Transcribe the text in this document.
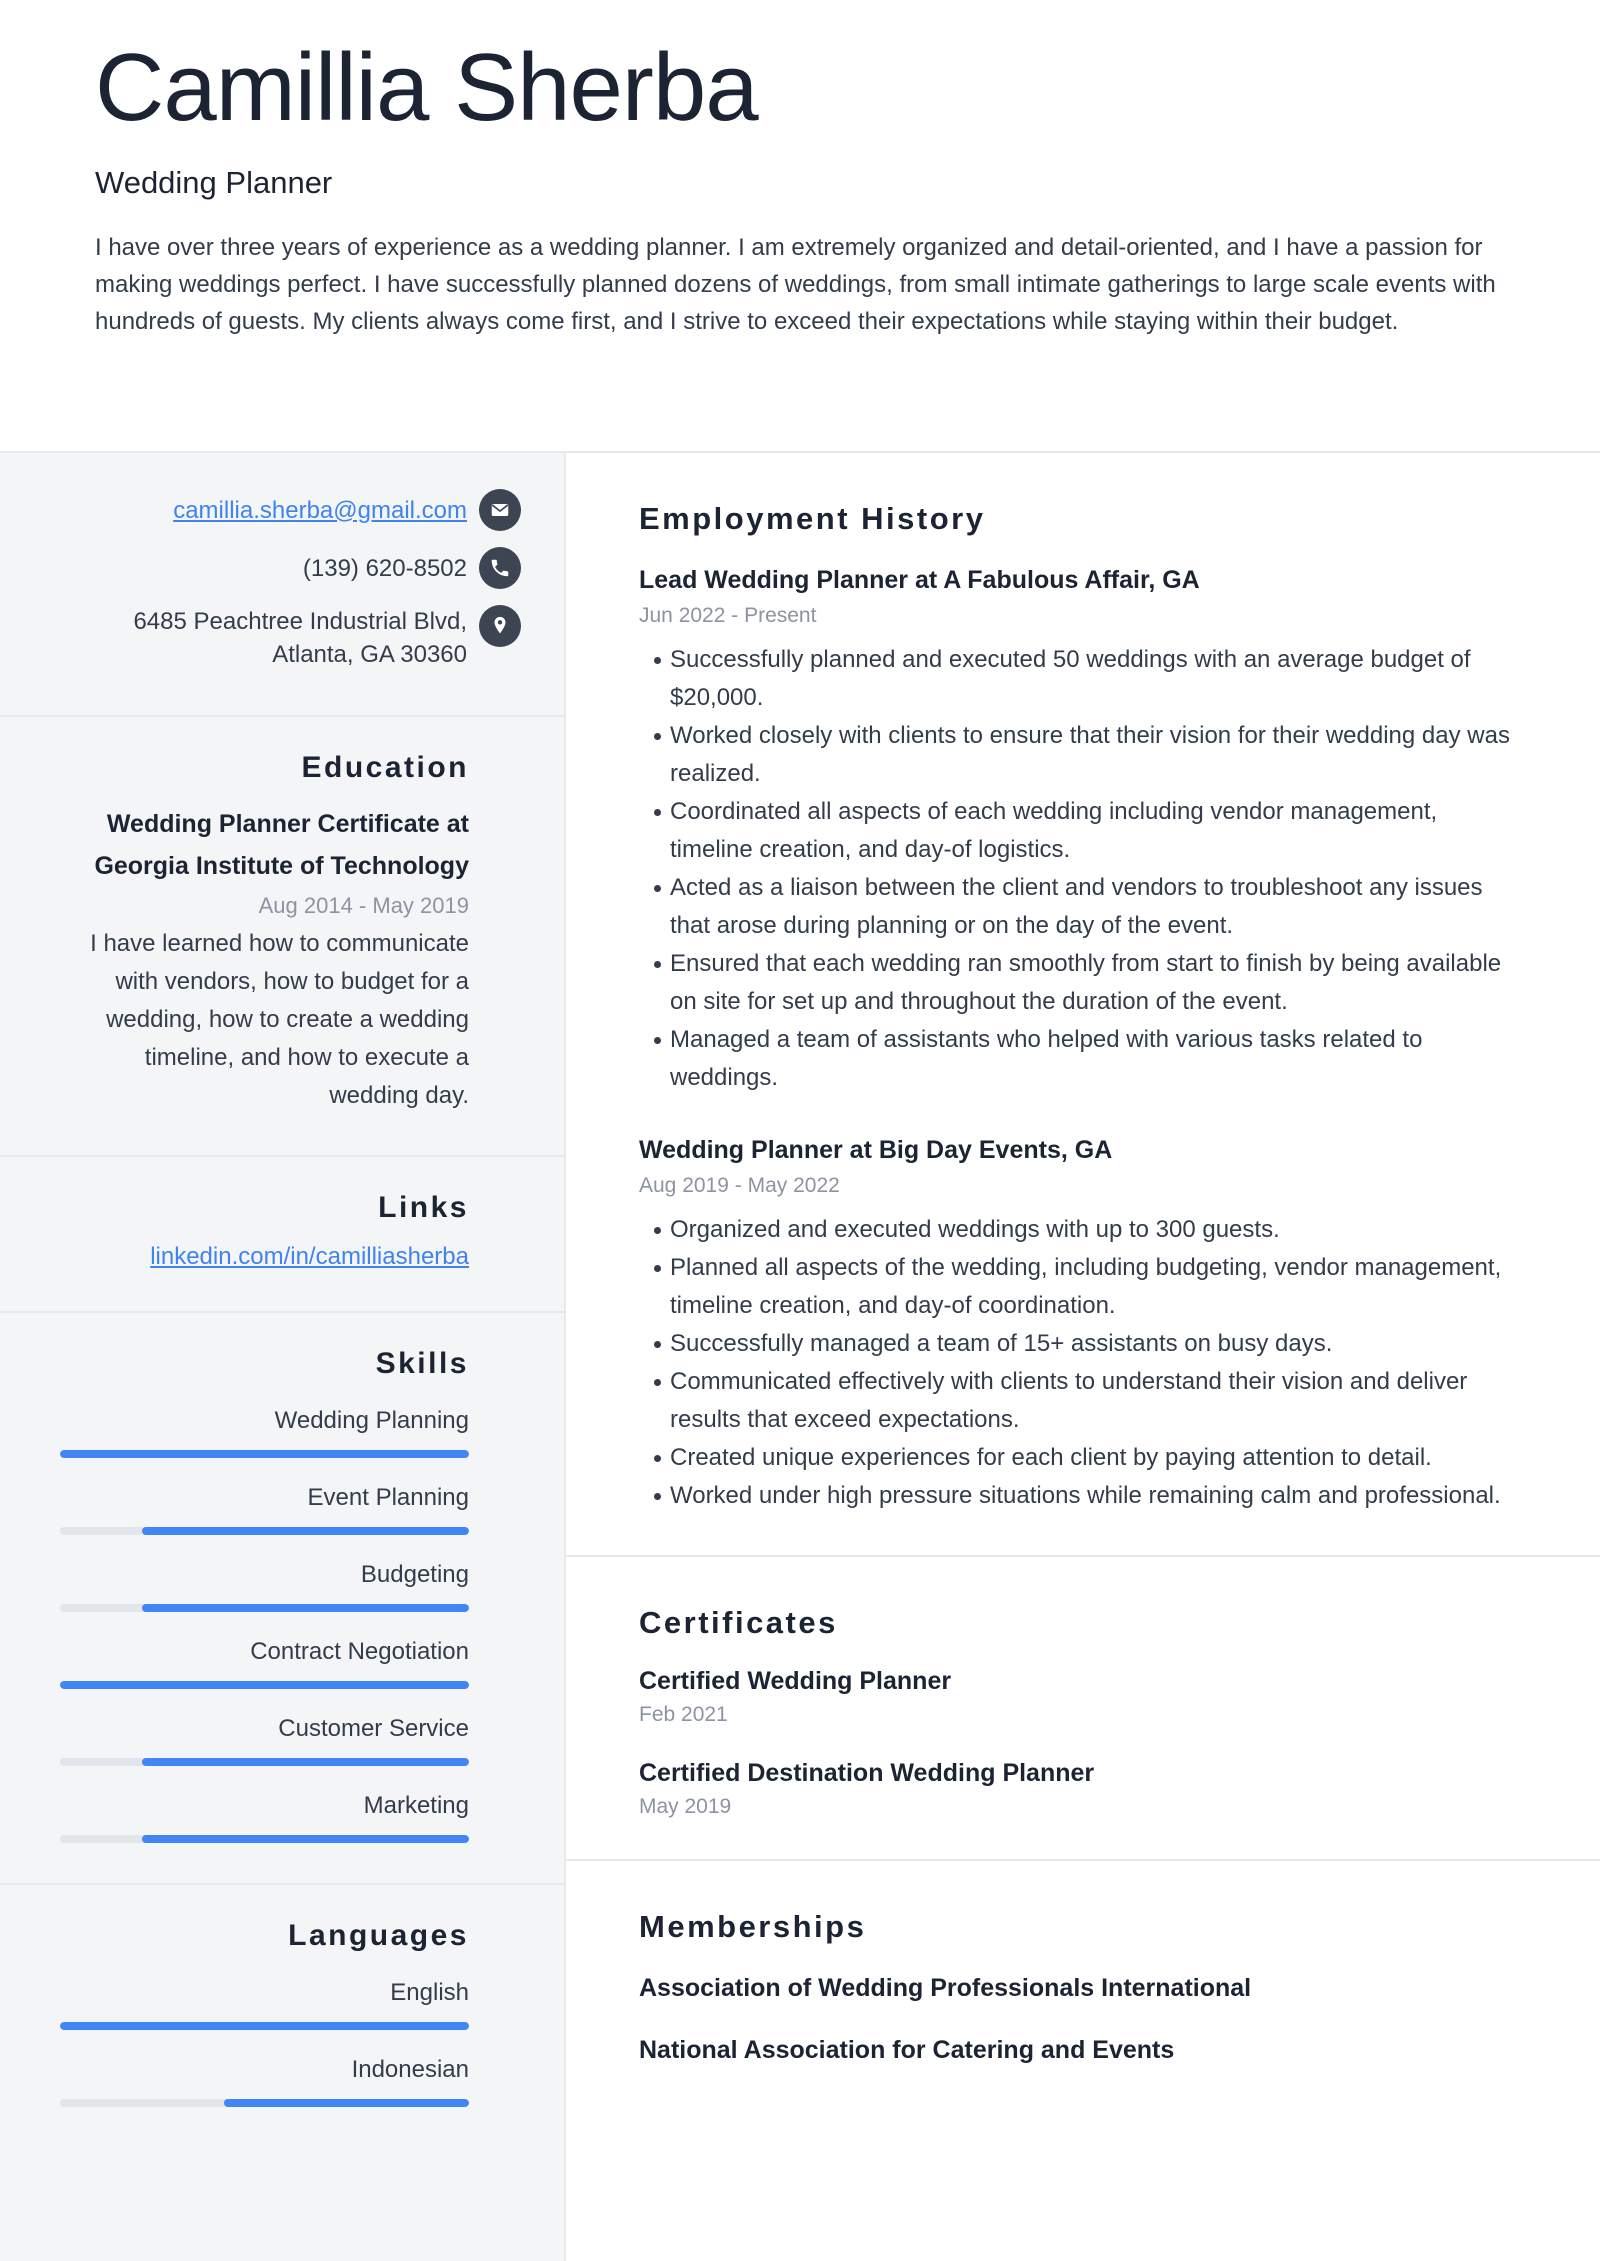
Camillia Sherba
Wedding Planner
I have over three years of experience as a wedding planner. I am extremely organized and detail-oriented, and I have a passion for making weddings perfect. I have successfully planned dozens of weddings, from small intimate gatherings to large scale events with hundreds of guests. My clients always come first, and I strive to exceed their expectations while staying within their budget.
camillia.sherba@gmail.com
(139) 620-8502
6485 Peachtree Industrial Blvd,
Atlanta, GA 30360
Education
Wedding Planner Certificate at Georgia Institute of Technology
Aug 2014 - May 2019
I have learned how to communicate with vendors, how to budget for a wedding, how to create a wedding timeline, and how to execute a wedding day.
Links
linkedin.com/in/camilliasherba
Skills
Wedding Planning
Event Planning
Budgeting
Contract Negotiation
Customer Service
Marketing
Languages
English
Indonesian
Employment History
Lead Wedding Planner at A Fabulous Affair, GA
Jun 2022 - Present
Successfully planned and executed 50 weddings with an average budget of $20,000.
Worked closely with clients to ensure that their vision for their wedding day was realized.
Coordinated all aspects of each wedding including vendor management, timeline creation, and day-of logistics.
Acted as a liaison between the client and vendors to troubleshoot any issues that arose during planning or on the day of the event.
Ensured that each wedding ran smoothly from start to finish by being available on site for set up and throughout the duration of the event.
Managed a team of assistants who helped with various tasks related to weddings.
Wedding Planner at Big Day Events, GA
Aug 2019 - May 2022
Organized and executed weddings with up to 300 guests.
Planned all aspects of the wedding, including budgeting, vendor management, timeline creation, and day-of coordination.
Successfully managed a team of 15+ assistants on busy days.
Communicated effectively with clients to understand their vision and deliver results that exceed expectations.
Created unique experiences for each client by paying attention to detail.
Worked under high pressure situations while remaining calm and professional.
Certificates
Certified Wedding Planner
Feb 2021
Certified Destination Wedding Planner
May 2019
Memberships
Association of Wedding Professionals International
National Association for Catering and Events
